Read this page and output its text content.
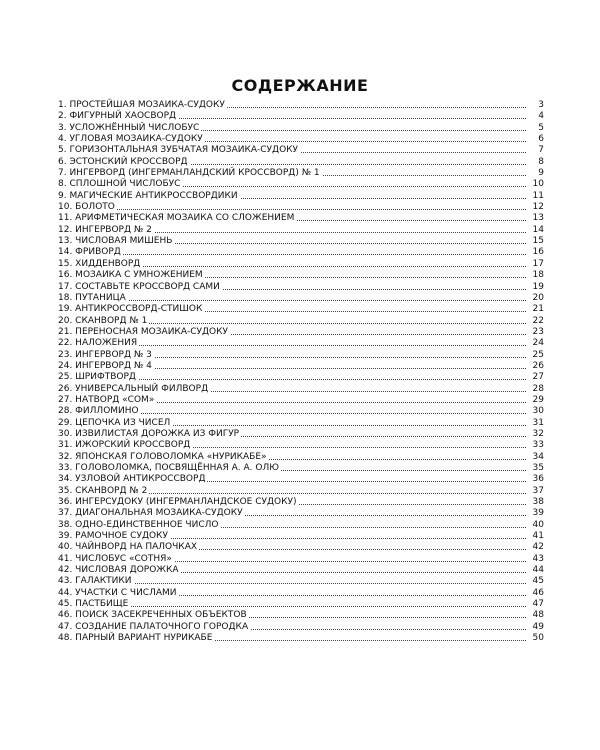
СОДЕРЖАНИЕ
1. ПРОСТЕЙШАЯ МОЗАИКА-СУДОКУ	3
2. ФИГУРНЫЙ ХАОСВОРД	4
3. УСЛОЖНЁННЫЙ ЧИСЛОБУС	5
4. УГЛОВАЯ МОЗАИКА-СУДОКУ	6
5. ГОРИЗОНТАЛЬНАЯ ЗУБЧАТАЯ МОЗАИКА-СУДОКУ	7
6. ЭСТОНСКИЙ КРОССВОРД	8
7. ИНГЕРВОРД (ИНГЕРМАНЛАНДСКИЙ КРОССВОРД) № 1	9
8. СПЛОШНОЙ ЧИСЛОБУС	10
9. МАГИЧЕСКИЕ АНТИКРОССВОРДИКИ	11
10. БОЛОТО	12
11. АРИФМЕТИЧЕСКАЯ МОЗАИКА СО СЛОЖЕНИЕМ	13
12. ИНГЕРВОРД № 2	14
13. ЧИСЛОВАЯ МИШЕНЬ	15
14. ФРИВОРД	16
15. ХИДДЕНВОРД	17
16. МОЗАИКА С УМНОЖЕНИЕМ	18
17. СОСТАВЬТЕ КРОССВОРД САМИ	19
18. ПУТАНИЦА	20
19. АНТИКРОССВОРД-СТИШОК	21
20. СКАНВОРД № 1	22
21. ПЕРЕНОСНАЯ МОЗАИКА-СУДОКУ	23
22. НАЛОЖЕНИЯ	24
23. ИНГЕРВОРД № 3	25
24. ИНГЕРВОРД № 4	26
25. ШРИФТВОРД	27
26. УНИВЕРСАЛЬНЫЙ ФИЛВОРД	28
27. НАТВОРД «СОМ»	29
28. ФИЛЛОМИНО	30
29. ЦЕПОЧКА ИЗ ЧИСЕЛ	31
30. ИЗВИЛИСТАЯ ДОРОЖКА ИЗ ФИГУР	32
31. ИЖОРСКИЙ КРОССВОРД	33
32. ЯПОНСКАЯ ГОЛОВОЛОМКА «НУРИКАБЕ»	34
33. ГОЛОВОЛОМКА, ПОСВЯЩЁННАЯ А. А. ОЛЮ	35
34. УЗЛОВОЙ АНТИКРОССВОРД	36
35. СКАНВОРД № 2	37
36. ИНГЕРСУДОКУ (ИНГЕРМАНЛАНДСКОЕ СУДОКУ)	38
37. ДИАГОНАЛЬНАЯ МОЗАИКА-СУДОКУ	39
38. ОДНО-ЕДИНСТВЕННОЕ ЧИСЛО	40
39. РАМОЧНОЕ СУДОКУ	41
40. ЧАЙНВОРД НА ПАЛОЧКАХ	42
41. ЧИСЛОБУС «СОТНЯ»	43
42. ЧИСЛОВАЯ ДОРОЖКА	44
43. ГАЛАКТИКИ	45
44. УЧАСТКИ С ЧИСЛАМИ	46
45. ПАСТБИЩЕ	47
46. ПОИСК ЗАСЕКРЕЧЕННЫХ ОБЪЕКТОВ	48
47. СОЗДАНИЕ ПАЛАТОЧНОГО ГОРОДКА	49
48. ПАРНЫЙ ВАРИАНТ НУРИКАБЕ	50
